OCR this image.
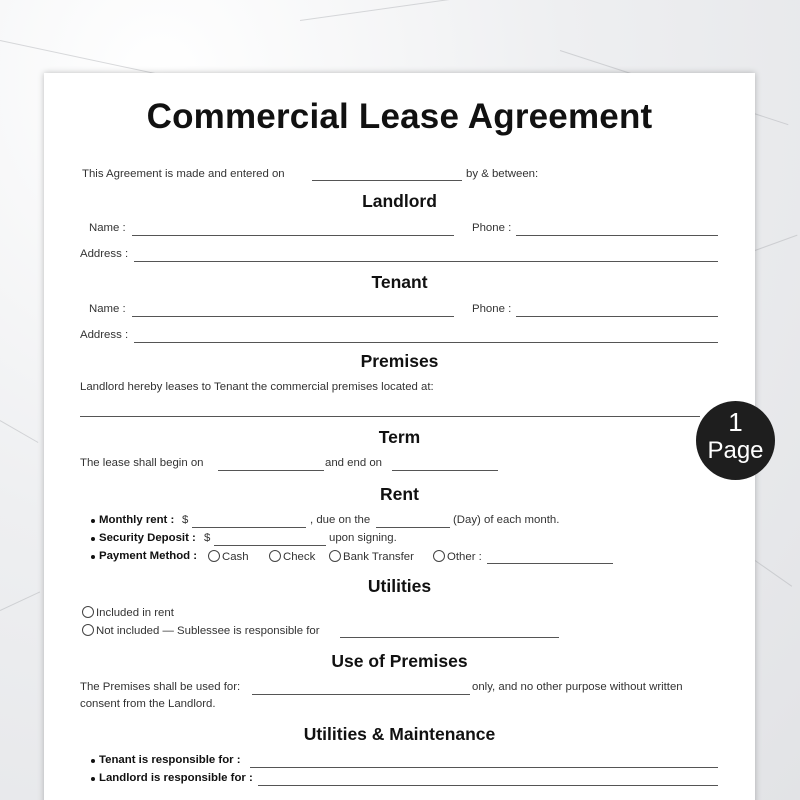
Commercial Lease Agreement
This Agreement is made and entered on	by & between:
Landlord
Name :	Phone :
Address :
Tenant
Name :	Phone :
Address :
Premises
Landlord hereby leases to Tenant the commercial premises located at:
Term
The lease shall begin on	and end on
Rent
Monthly rent : $	, due on the	(Day) of each month.
Security Deposit : $	upon signing.
Payment Method :	Cash	Check	Bank Transfer	Other :
Utilities
Included in rent
Not included — Sublessee is responsible for
Use of Premises
The Premises shall be used for:	only, and no other purpose without written
consent from the Landlord.
Utilities & Maintenance
Tenant is responsible for :
Landlord is responsible for :
1
Page
